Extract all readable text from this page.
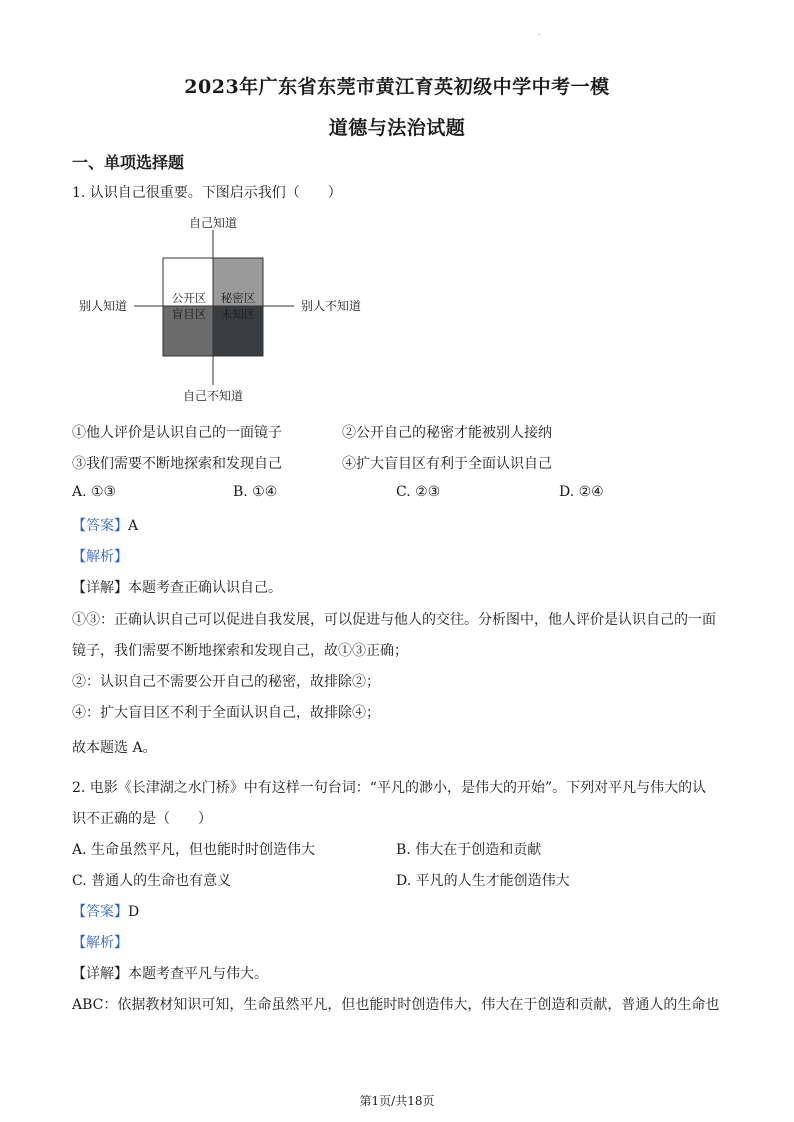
.
2023年广东省东莞市黄江育英初级中学中考一模
道德与法治试题
一、单项选择题
1. 认识自己很重要。下图启示我们（　　）
自己知道
自己不知道
别人知道	别人不知道
公开区 秘密区
盲目区 未知区
①他人评价是认识自己的一面镜子	②公开自己的秘密才能被别人接纳
③我们需要不断地探索和发现自己	④扩大盲目区有利于全面认识自己
A. ①③	B. ①④	C. ②③	D. ②④
【答案】A
【解析】
【详解】本题考查正确认识自己。
①③：正确认识自己可以促进自我发展，可以促进与他人的交往。分析图中，他人评价是认识自己的一面
镜子，我们需要不断地探索和发现自己，故①③正确；
②：认识自己不需要公开自己的秘密，故排除②；
④：扩大盲目区不利于全面认识自己，故排除④；
故本题选 A。
2. 电影《长津湖之水门桥》中有这样一句台词：“平凡的渺小，是伟大的开始”。下列对平凡与伟大的认
识不正确的是（　　）
A. 生命虽然平凡，但也能时时创造伟大	B. 伟大在于创造和贡献
C. 普通人的生命也有意义	D. 平凡的人生才能创造伟大
【答案】D
【解析】
【详解】本题考查平凡与伟大。
ABC：依据教材知识可知，生命虽然平凡，但也能时时创造伟大，伟大在于创造和贡献，普通人的生命也
第1页/共18页
